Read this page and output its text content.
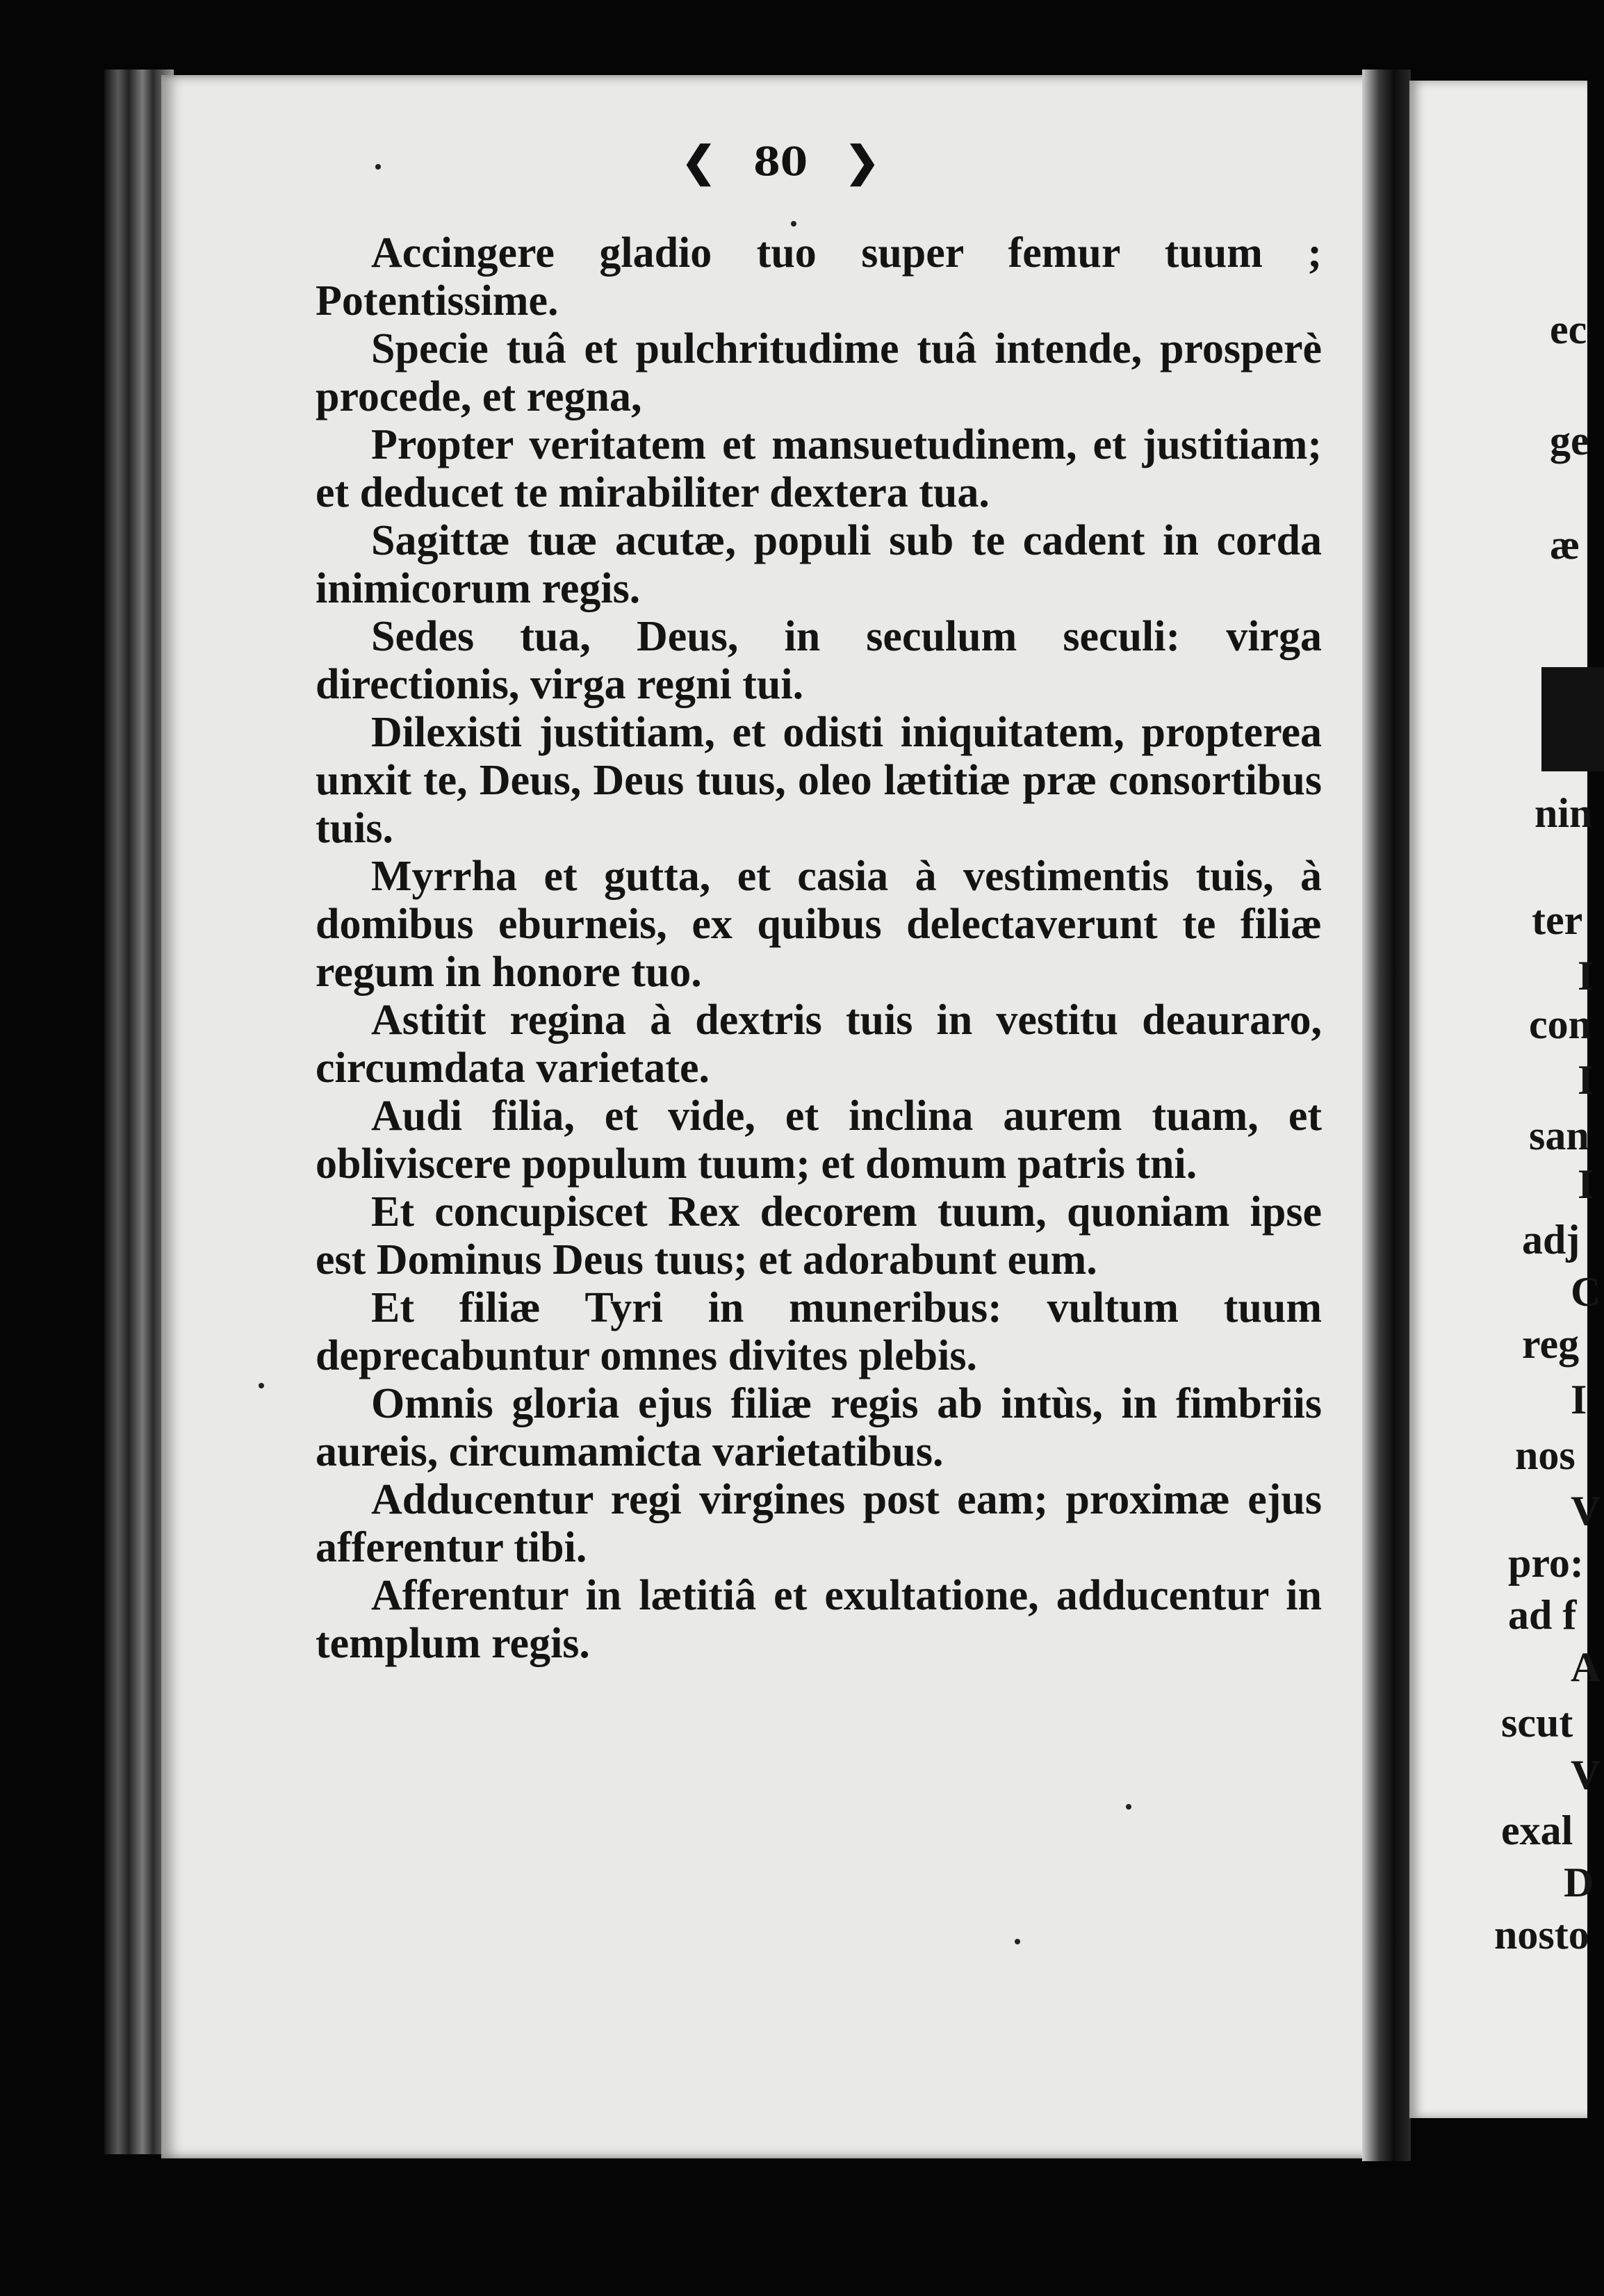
❮ 80 ❯

Accingere gladio tuo super femur tuum ; Potentissime.

Specie tuâ et pulchritudime tuâ intende, prosperè procede, et regna,

Propter veritatem et mansuetudinem, et justitiam; et deducet te mirabiliter dextera tua.

Sagittæ tuæ acutæ, populi sub te cadent in corda inimicorum regis.

Sedes tua, Deus, in seculum seculi: virga directionis, virga regni tui.

Dilexisti justitiam, et odisti iniquitatem, propterea unxit te, Deus, Deus tuus, oleo lætitiæ præ consortibus tuis.

Myrrha et gutta, et casia à vestimentis tuis, à domibus eburneis, ex quibus delectaverunt te filiæ regum in honore tuo.

Astitit regina à dextris tuis in vestitu deauraro, circumdata varietate.

Audi filia, et vide, et inclina aurem tuam, et obliviscere populum tuum; et domum patris tni.

Et concupiscet Rex decorem tuum, quoniam ipse est Dominus Deus tuus; et adorabunt eum.

Et filiæ Tyri in muneribus: vultum tuum deprecabuntur omnes divites plebis.

Omnis gloria ejus filiæ regis ab intùs, in fimbriis aureis, circumamicta varietatibus.

Adducentur regi virgines post eam; proximæ ejus afferentur tibi.

Afferentur in lætitiâ et exultatione, adducentur in templum regis.

ec
ge
æ
nin
ter
I
con
I
san
I
adj
C
reg
I
nos
V
pro:
ad f
A
scut
V
exal
D
nosto
